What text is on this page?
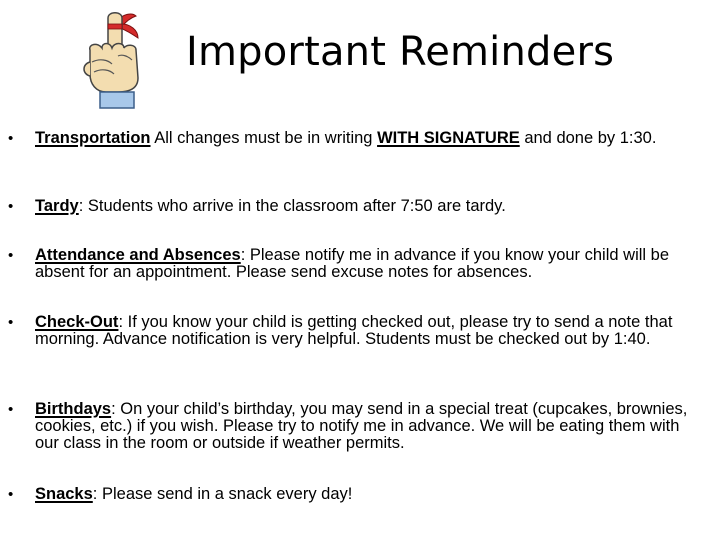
Important Reminders
• Transportation All changes must be in writing WITH SIGNATURE and done by 1:30.
• Tardy: Students who arrive in the classroom after 7:50 are tardy.
• Attendance and Absences: Please notify me in advance if you know your child will be absent for an appointment. Please send excuse notes for absences.
• Check-Out: If you know your child is getting checked out, please try to send a note that morning. Advance notification is very helpful. Students must be checked out by 1:40.
• Birthdays: On your child’s birthday, you may send in a special treat (cupcakes, brownies, cookies, etc.) if you wish. Please try to notify me in advance. We will be eating them with our class in the room or outside if weather permits.
• Snacks: Please send in a snack every day!
